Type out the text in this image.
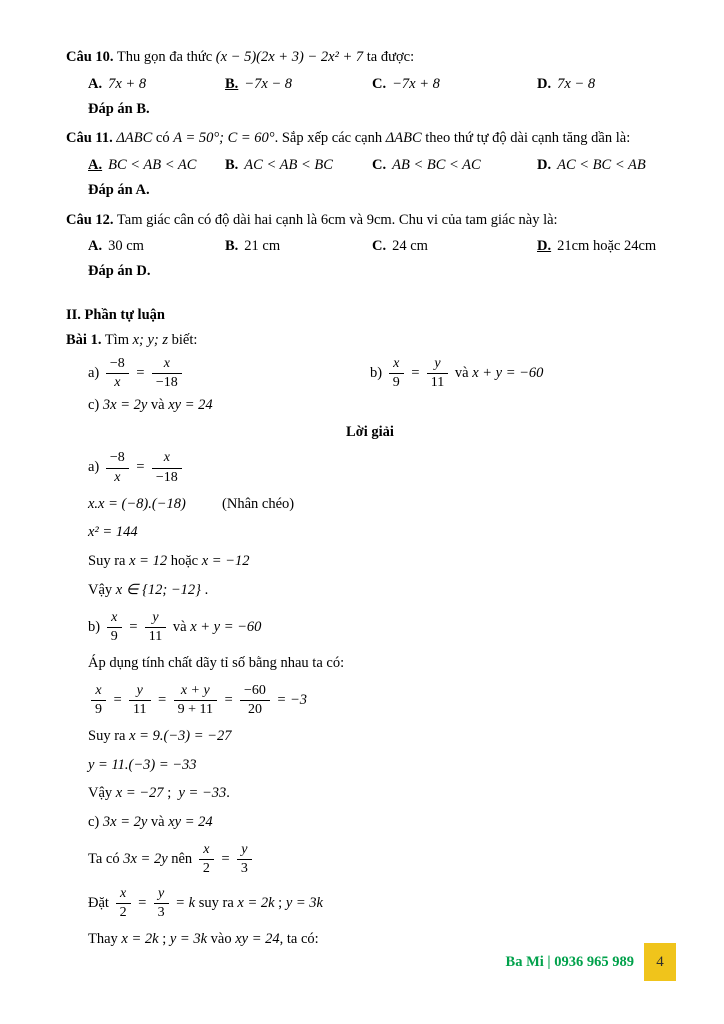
Câu 10. Thu gọn đa thức (x − 5)(2x + 3) − 2x² + 7 ta được:

A. 7x + 8	B. −7x − 8	C. −7x + 8	D. 7x − 8

Đáp án B.

Câu 11. ΔABC có A = 50°; C = 60°. Sắp xếp các cạnh ΔABC theo thứ tự độ dài cạnh tăng dần là:

A. BC < AB < AC	B. AC < AB < BC	C. AB < BC < AC	D. AC < BC < AB

Đáp án A.

Câu 12. Tam giác cân có độ dài hai cạnh là 6cm và 9cm. Chu vi của tam giác này là:

A. 30 cm	B. 21 cm	C. 24 cm	D. 21cm hoặc 24cm

Đáp án D.

II. Phần tự luận

Bài 1. Tìm x; y; z biết:

$a) \frac{-8}{x} = \frac{x}{-18}$	$b) \frac{x}{9} = \frac{y}{11}$ và x + y = −60

c) 3x = 2y và xy = 24

Lời giải

$a) \frac{-8}{x} = \frac{x}{-18}$

x.x = (−8).(−18)          (Nhân chéo)

x² = 144

Suy ra x = 12 hoặc x = −12

Vậy x ∈ {12; −12} .

$b) \frac{x}{9} = \frac{y}{11}$ và x + y = −60

Áp dụng tính chất dãy tỉ số bằng nhau ta có:

$\frac{x}{9} = \frac{y}{11} = \frac{x + y}{9 + 11} = \frac{-60}{20} = -3$

Suy ra x = 9.(−3) = −27

y = 11.(−3) = −33

Vậy x = −27 ;  y = −33.

c) 3x = 2y và xy = 24

Ta có 3x = 2y nên $\frac{x}{2} = \frac{y}{3}$

Đặt $\frac{x}{2} = \frac{y}{3} = k$ suy ra x = 2k ; y = 3k

Thay x = 2k ; y = 3k vào xy = 24, ta có:

Ba Mi | 0936 965 989 4
